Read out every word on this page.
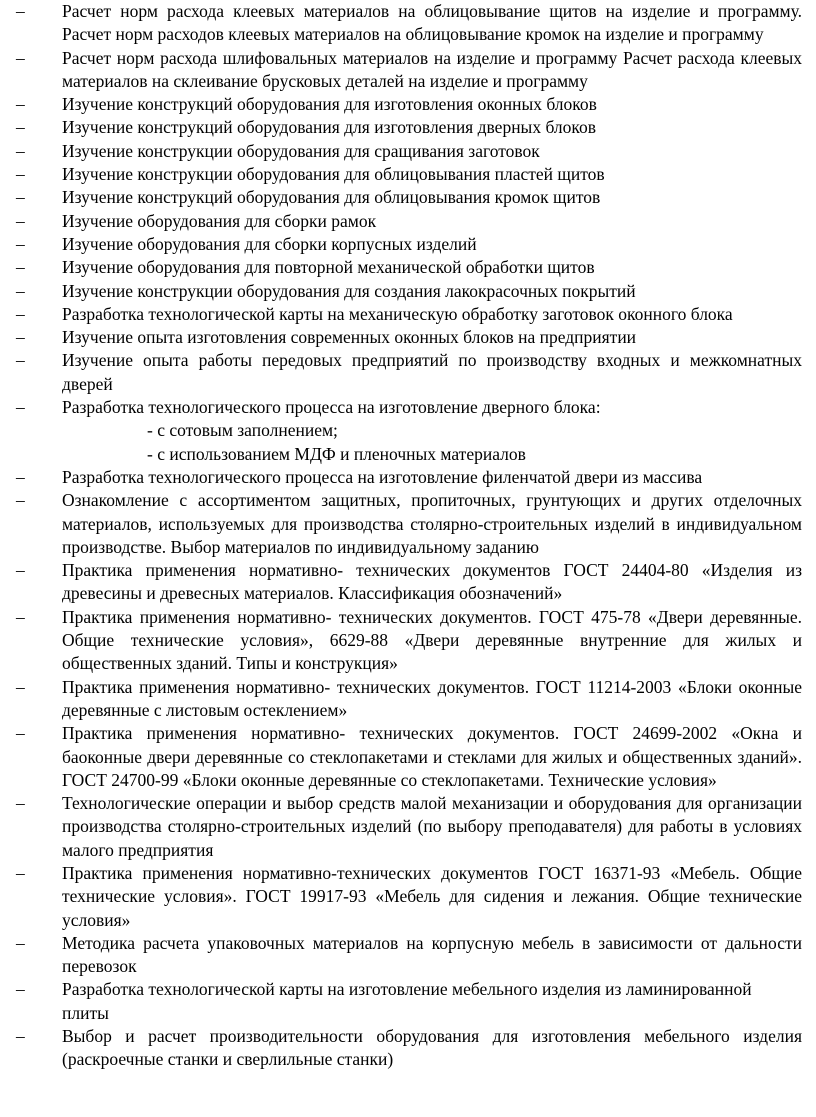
– Расчет норм расхода клеевых материалов на облицовывание щитов на изделие и программу. Расчет норм расходов клеевых материалов на облицовывание кромок на изделие и программу
– Расчет норм расхода шлифовальных материалов на изделие и программу Расчет расхода клеевых материалов на склеивание брусковых деталей на изделие и программу
– Изучение конструкций оборудования для изготовления оконных блоков
– Изучение конструкций оборудования для изготовления дверных блоков
– Изучение конструкции оборудования для сращивания заготовок
– Изучение конструкции оборудования для облицовывания пластей щитов
– Изучение конструкций оборудования для облицовывания кромок щитов
– Изучение оборудования для сборки рамок
– Изучение оборудования для сборки корпусных изделий
– Изучение оборудования для повторной механической обработки щитов
– Изучение конструкции оборудования для создания лакокрасочных покрытий
– Разработка технологической карты на механическую обработку заготовок оконного блока
– Изучение опыта изготовления современных оконных блоков на предприятии
– Изучение опыта работы передовых предприятий по производству входных и межкомнатных дверей
– Разработка технологического процесса на изготовление дверного блока:
- с сотовым заполнением;
- с использованием МДФ и пленочных материалов
– Разработка технологического процесса на изготовление филенчатой двери из массива
– Ознакомление с ассортиментом защитных, пропиточных, грунтующих и других отделочных материалов, используемых для производства столярно-строительных изделий в индивидуальном производстве. Выбор материалов по индивидуальному заданию
– Практика применения нормативно- технических документов ГОСТ 24404-80 «Изделия из древесины и древесных материалов. Классификация обозначений»
– Практика применения нормативно- технических документов. ГОСТ 475-78 «Двери деревянные. Общие технические условия», 6629-88 «Двери деревянные внутренние для жилых и общественных зданий. Типы и конструкция»
– Практика применения нормативно- технических документов. ГОСТ 11214-2003 «Блоки оконные деревянные с листовым остеклением»
– Практика применения нормативно- технических документов. ГОСТ 24699-2002 «Окна и баоконные двери деревянные со стеклопакетами и стеклами для жилых и общественных зданий». ГОСТ 24700-99 «Блоки оконные деревянные со стеклопакетами. Технические условия»
– Технологические операции и выбор средств малой механизации и оборудования для организации производства столярно-строительных изделий (по выбору преподавателя) для работы в условиях малого предприятия
– Практика применения нормативно-технических документов ГОСТ 16371-93 «Мебель. Общие технические условия». ГОСТ 19917-93 «Мебель для сидения и лежания. Общие технические условия»
– Методика расчета упаковочных материалов на корпусную мебель в зависимости от дальности перевозок
– Разработка технологической карты на изготовление мебельного изделия из ламинированной плиты
– Выбор и расчет производительности оборудования для изготовления мебельного изделия (раскроечные станки и сверлильные станки)
